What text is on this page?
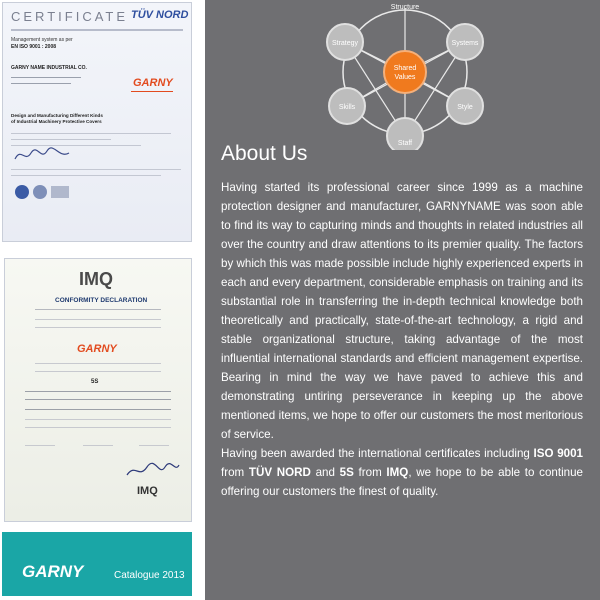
CERTIFICATE TÜV NORD
Management system as per
EN ISO 9001 : 2008
GARNY NAME INDUSTRIAL CO.
GARNY
Design and Manufacturing Different Kinds
of Industrial Machinery Protective Covers
IMQ
CONFORMITY DECLARATION
GARNY
5S
IMQ
GARNY	Catalogue 2013
Strategy	Systems
Skills	Style
Staff
Shared
Values
Structure
About Us

Having started its professional career since 1999 as a machine protection designer and manufacturer, GARNYNAME was soon able to find its way to capturing minds and thoughts in related industries all over the country and draw attentions to its premier quality. The factors by which this was made possible include highly experienced experts in each and every department, considerable emphasis on training and its substantial role in transferring the in-depth technical knowledge both theoretically and practically, state-of-the-art technology, a rigid and stable organizational structure, taking advantage of the most influential international standards and efficient management expertise. Bearing in mind the way we have paved to achieve this and demonstrating untiring perseverance in keeping up the above mentioned items, we hope to offer our customers the most meritorious of service.

Having been awarded the international certificates including ISO 9001 from TÜV NORD and 5S from IMQ, we hope to be able to continue offering our customers the finest of quality.
